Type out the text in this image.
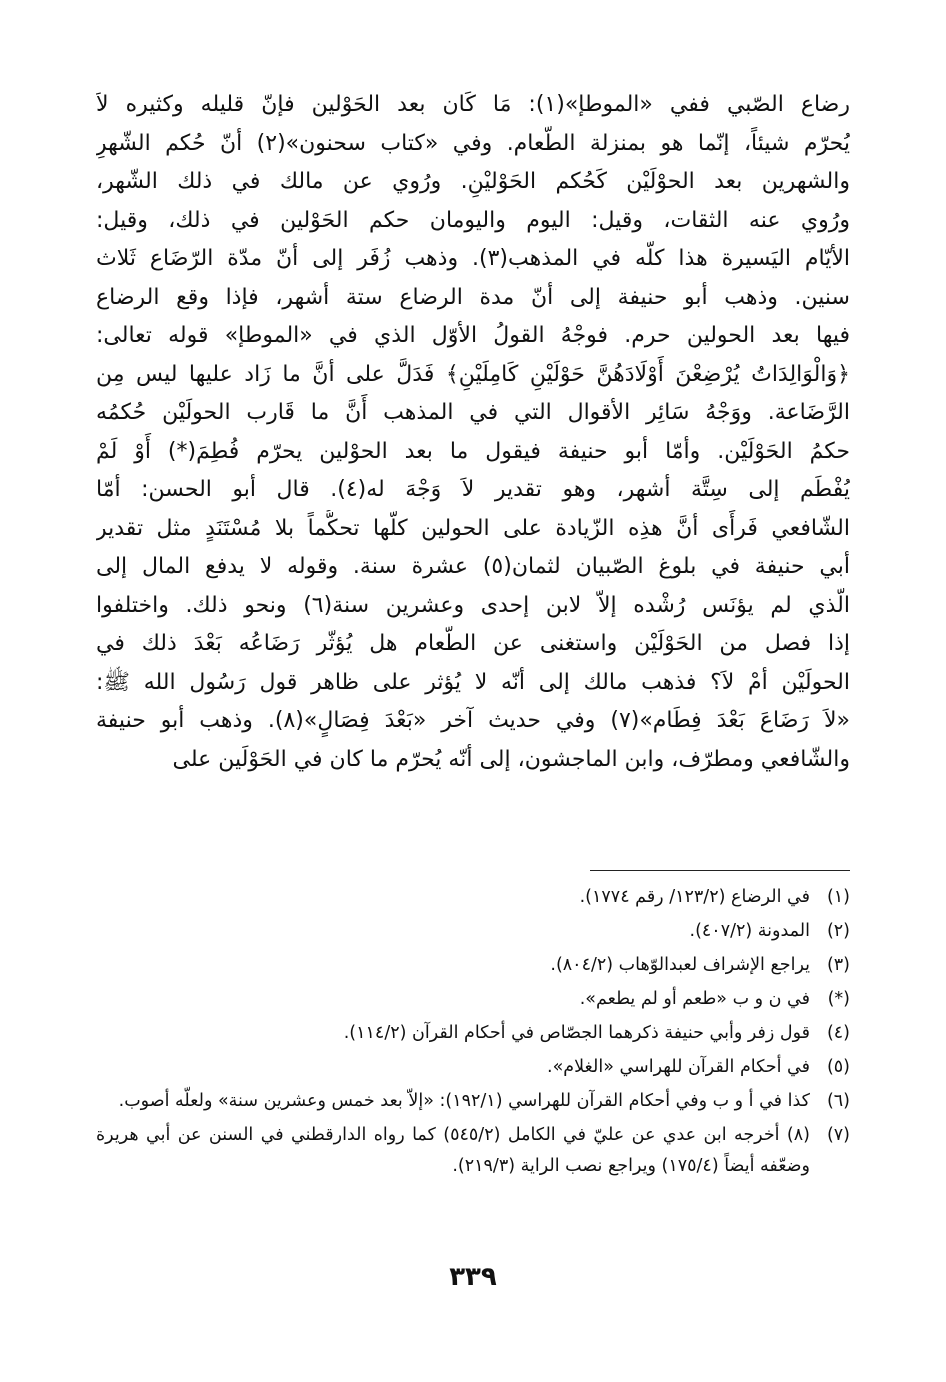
رضاع الصّبي ففي «الموطإ»(١): مَا كَان بعد الحَوْلين فإنّ قليله وكثيره لاَ
يُحرّم شيئاً، إنّما هو بمنزلة الطّعام. وفي «كتاب سحنون»(٢) أنّ حُكم الشّهرِ
والشهرين بعد الحوْلَيْن كَحُكم الحَوْليْنِ. ورُوي عن مالك في ذلك الشّهر،
ورُوي عنه الثقات، وقيل: اليوم واليومان حكم الحَوْلين في ذلك، وقيل:
الأيّام اليَسيرة هذا كلّه في المذهب(٣). وذهب زُفَر إلى أنّ مدّة الرّضَاع ثَلاث
سنين. وذهب أبو حنيفة إلى أنّ مدة الرضاع ستة أشهر، فإذا وقع الرضاع
فيها بعد الحولين حرم. فوجْهُ القولُ الأوّل الذي في «الموطإ» قوله تعالى:
﴿وَالْوَالِدَاتُ يُرْضِعْنَ أَوْلَادَهُنَّ حَوْلَيْنِ كَامِلَيْنِ﴾ فَدَلَّ على أنَّ ما زَاد عليها ليس مِن
الرَّضَاعة. ووَجْهُ سَائِر الأقوال التي في المذهب أَنَّ ما قَارب الحولَيْن حُكمُه
حكمُ الحَوْلَيْن. وأمّا أبو حنيفة فيقول ما بعد الحوْلين يحرّم فُطِمَ(*) أَوْ لَمْ
يُفْطَم إلى سِتَّة أشهر، وهو تقدير لاَ وَجْهَ له(٤). قال أبو الحسن: أمّا
الشّافعي فَرأَى أنَّ هذِه الزّيادة على الحولين كلّها تحكُّماً بلا مُسْتَنَدٍ مثل تقدير
أبي حنيفة في بلوغ الصّبيان لثمان(٥) عشرة سنة. وقوله لا يدفع المال إلى
الّذي لم يؤنَس رُشْده إلاّ لابن إحدى وعشرين سنة(٦) ونحو ذلك. واختلفوا
إذا فصل من الحَوْلَيْن واستغنى عن الطّعام هل يُؤثّر رَضَاعُه بَعْدَ ذلك في
الحولَيْن أمْ لاَ؟ فذهب مالك إلى أنّه لا يُؤثر على ظاهر قول رَسُول الله ﷺ:
«لاَ رَضَاعَ بَعْدَ فِطَام»(٧) وفي حديث آخر «بَعْدَ فِصَالٍ»(٨). وذهب أبو حنيفة
والشّافعي ومطرّف، وابن الماجشون، إلى أنّه يُحرّم ما كان في الحَوْلَين على
(١)
في الرضاع (١٢٣/٢/ رقم ١٧٧٤).
(٢)
المدونة (٤٠٧/٢).
(٣)
يراجع الإشراف لعبدالوّهاب (٨٠٤/٢).
(*)
في ن و ب «طعم أو لم يطعم».
(٤)
قول زفر وأبي حنيفة ذكرهما الجصّاص في أحكام القرآن (١١٤/٢).
(٥)
في أحكام القرآن للهراسي «الغلام».
(٦)
كذا في أ و ب وفي أحكام القرآن للهراسي (١٩٢/١): «إلاّ بعد خمس وعشرين سنة» ولعلّه أصوب.
(٧)
(٨) أخرجه ابن عدي عن عليّ في الكامل (٥٤٥/٢) كما رواه الدارقطني في السنن عن أبي هريرة وضعّفه أيضاً (١٧٥/٤) ويراجع نصب الراية (٢١٩/٣).
٣٣٩
